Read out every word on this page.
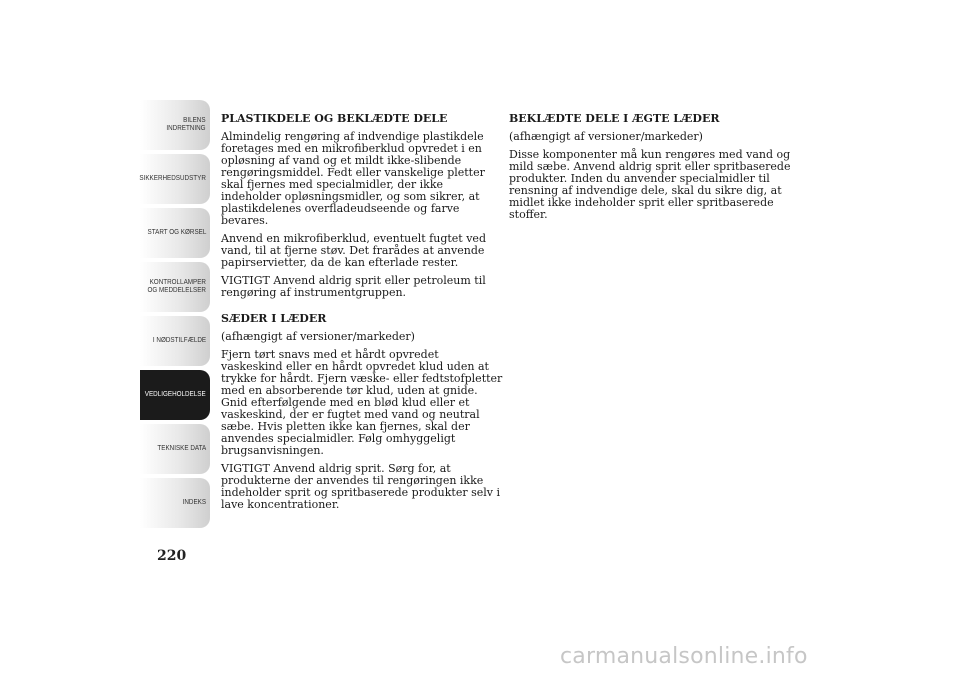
BILENS
INDRETNING
SIKKERHEDSUDSTYR
START OG KØRSEL
KONTROLLAMPER
OG MEDDELELSER
I NØDSTILFÆLDE
VEDLIGEHOLDELSE
TEKNISKE DATA
INDEKS
220

PLASTIKDELE OG BEKLÆDTE DELE

Almindelig rengøring af indvendige plastikdele foretages med en mikrofiberklud opvredet i en opløsning af vand og et mildt ikke-slibende rengøringsmiddel. Fedt eller vanskelige pletter skal fjernes med specialmidler, der ikke indeholder opløsningsmidler, og som sikrer, at plastikdelenes overfladeudseende og farve bevares.

Anvend en mikrofiberklud, eventuelt fugtet ved vand, til at fjerne støv. Det frarådes at anvende papirservietter, da de kan efterlade rester.

VIGTIGT Anvend aldrig sprit eller petroleum til rengøring af instrumentgruppen.

SÆDER I LÆDER

(afhængigt af versioner/markeder)

Fjern tørt snavs med et hårdt opvredet vaskeskind eller en hårdt opvredet klud uden at trykke for hårdt. Fjern væske- eller fedtstofpletter med en absorberende tør klud, uden at gnide. Gnid efterfølgende med en blød klud eller et vaskeskind, der er fugtet med vand og neutral sæbe. Hvis pletten ikke kan fjernes, skal der anvendes specialmidler. Følg omhyggeligt brugsanvisningen.

VIGTIGT Anvend aldrig sprit. Sørg for, at produkterne der anvendes til rengøringen ikke indeholder sprit og spritbaserede produkter selv i lave koncentrationer.

BEKLÆDTE DELE I ÆGTE LÆDER

(afhængigt af versioner/markeder)

Disse komponenter må kun rengøres med vand og mild sæbe. Anvend aldrig sprit eller spritbaserede produkter. Inden du anvender specialmidler til rensning af indvendige dele, skal du sikre dig, at midlet ikke indeholder sprit eller spritbaserede stoffer.

carmanualsonline.info
